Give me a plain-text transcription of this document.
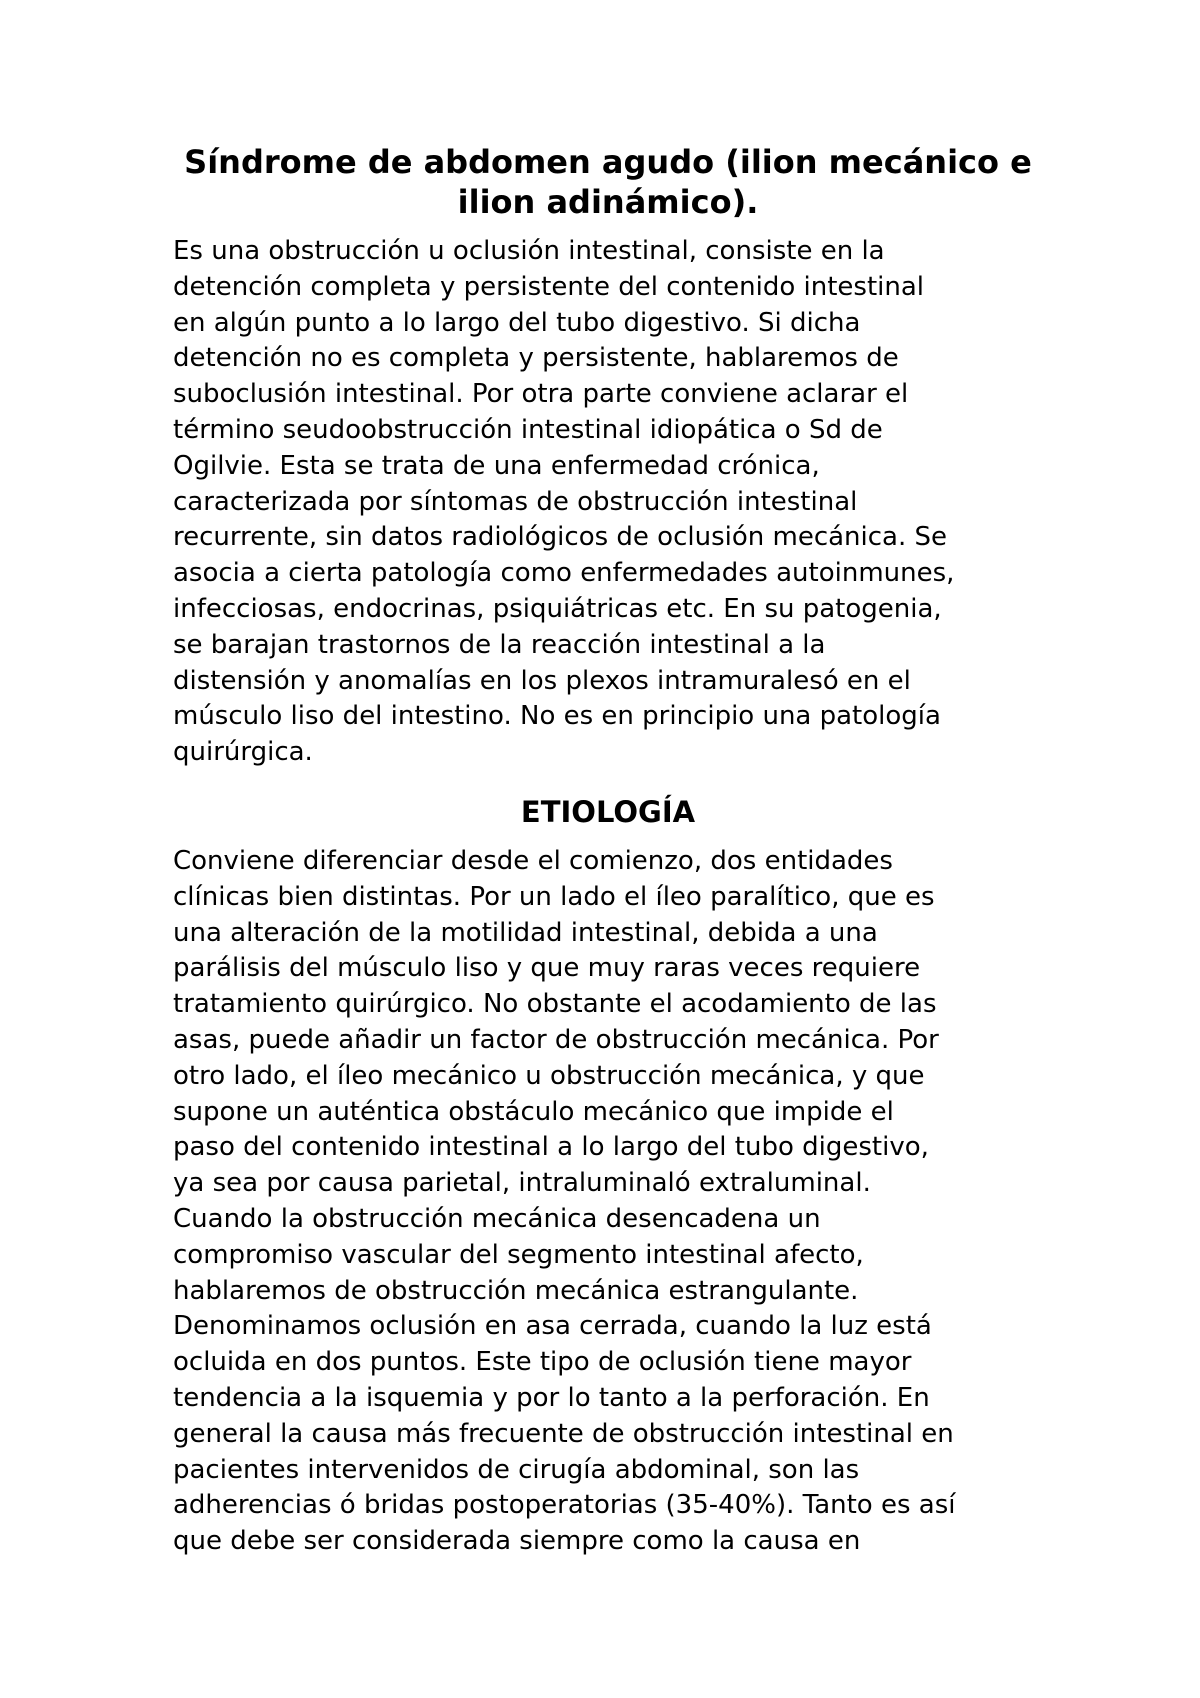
Síndrome de abdomen agudo (ilion mecánico e
ilion adinámico).

Es una obstrucción u oclusión intestinal, consiste en la
detención completa y persistente del contenido intestinal
en algún punto a lo largo del tubo digestivo. Si dicha
detención no es completa y persistente, hablaremos de
suboclusión intestinal. Por otra parte conviene aclarar el
término seudoobstrucción intestinal idiopática o Sd de
Ogilvie. Esta se trata de una enfermedad crónica,
caracterizada por síntomas de obstrucción intestinal
recurrente, sin datos radiológicos de oclusión mecánica. Se
asocia a cierta patología como enfermedades autoinmunes,
infecciosas, endocrinas, psiquiátricas etc. En su patogenia,
se barajan trastornos de la reacción intestinal a la
distensión y anomalías en los plexos intramuralesó en el
músculo liso del intestino. No es en principio una patología
quirúrgica.

ETIOLOGÍA

Conviene diferenciar desde el comienzo, dos entidades
clínicas bien distintas. Por un lado el íleo paralítico, que es
una alteración de la motilidad intestinal, debida a una
parálisis del músculo liso y que muy raras veces requiere
tratamiento quirúrgico. No obstante el acodamiento de las
asas, puede añadir un factor de obstrucción mecánica. Por
otro lado, el íleo mecánico u obstrucción mecánica, y que
supone un auténtica obstáculo mecánico que impide el
paso del contenido intestinal a lo largo del tubo digestivo,
ya sea por causa parietal, intraluminaló extraluminal.
Cuando la obstrucción mecánica desencadena un
compromiso vascular del segmento intestinal afecto,
hablaremos de obstrucción mecánica estrangulante.
Denominamos oclusión en asa cerrada, cuando la luz está
ocluida en dos puntos. Este tipo de oclusión tiene mayor
tendencia a la isquemia y por lo tanto a la perforación. En
general la causa más frecuente de obstrucción intestinal en
pacientes intervenidos de cirugía abdominal, son las
adherencias ó bridas postoperatorias (35-40%). Tanto es así
que debe ser considerada siempre como la causa en
